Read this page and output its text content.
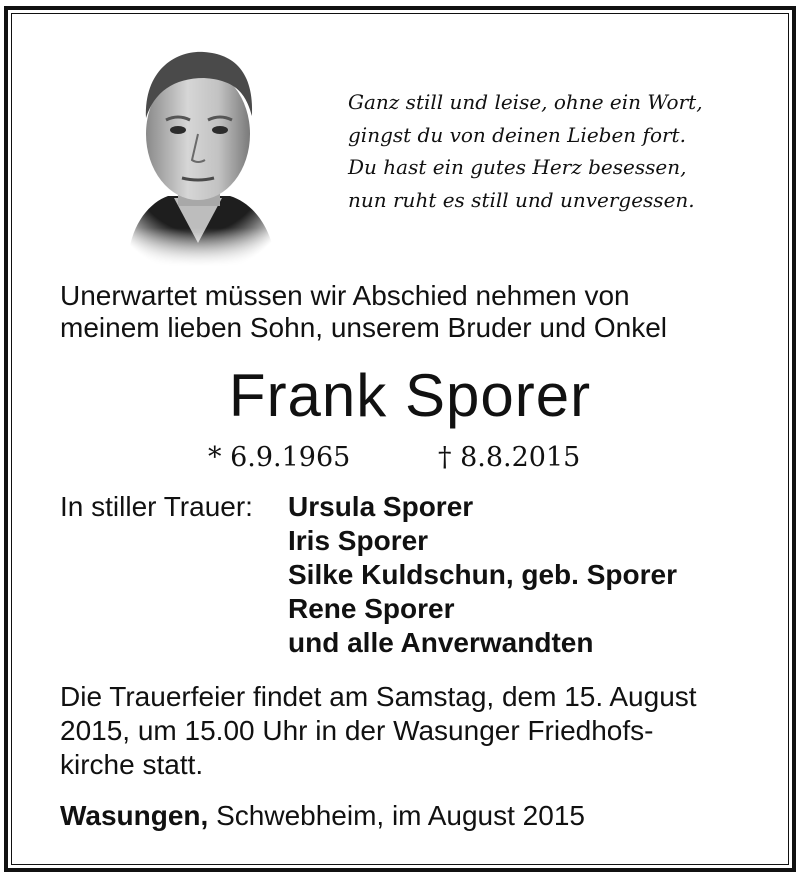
Ganz still und leise, ohne ein Wort,
gingst du von deinen Lieben fort.
Du hast ein gutes Herz besessen,
nun ruht es still und unvergessen.
Unerwartet müssen wir Abschied nehmen von
meinem lieben Sohn, unserem Bruder und Onkel
Frank Sporer
* 6.9.1965	† 8.8.2015
In stiller Trauer: Ursula Sporer
Iris Sporer
Silke Kuldschun, geb. Sporer
Rene Sporer
und alle Anverwandten
Die Trauerfeier findet am Samstag, dem 15. August
2015, um 15.00 Uhr in der Wasunger Friedhofs-
kirche statt.
Wasungen, Schwebheim, im August 2015
